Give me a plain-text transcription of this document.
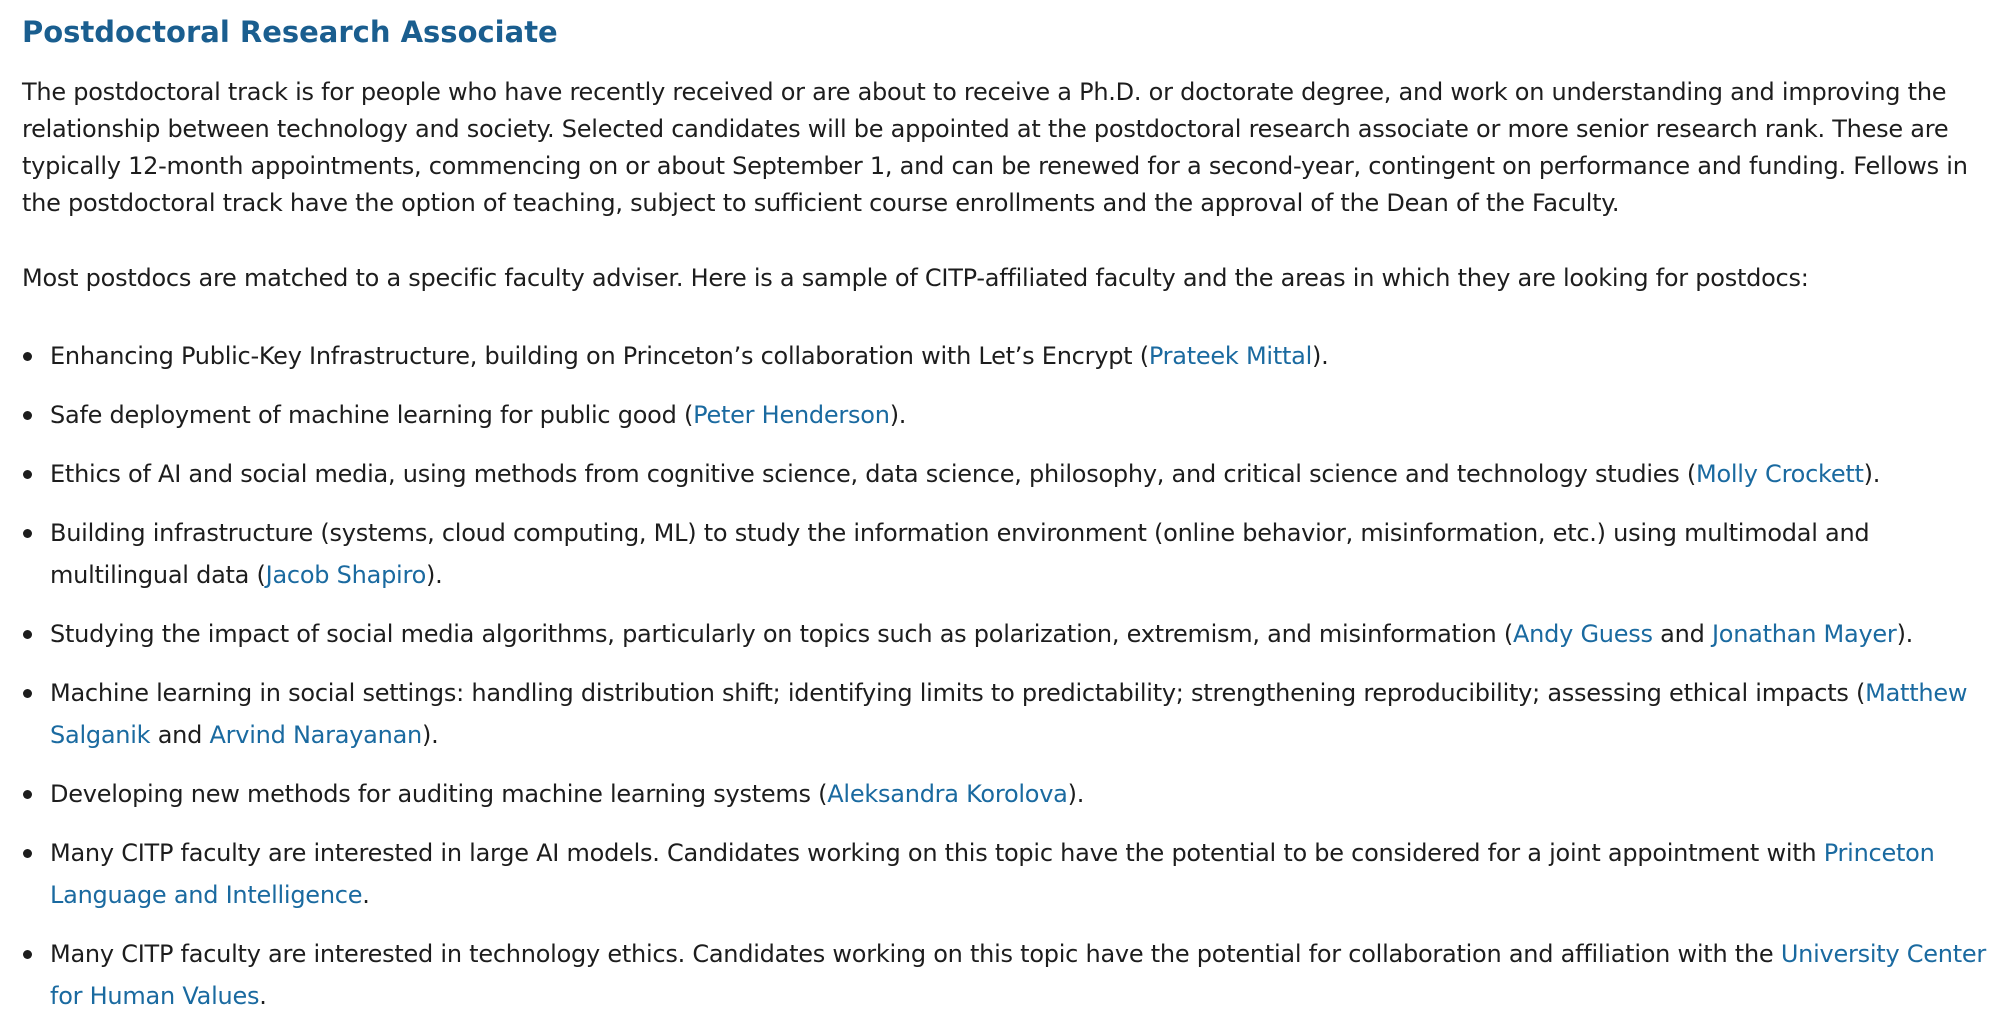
Postdoctoral Research Associate

The postdoctoral track is for people who have recently received or are about to receive a Ph.D. or doctorate degree, and work on understanding and improving the relationship between technology and society. Selected candidates will be appointed at the postdoctoral research associate or more senior research rank. These are typically 12-month appointments, commencing on or about September 1, and can be renewed for a second-year, contingent on performance and funding. Fellows in the postdoctoral track have the option of teaching, subject to sufficient course enrollments and the approval of the Dean of the Faculty.

Most postdocs are matched to a specific faculty adviser. Here is a sample of CITP-affiliated faculty and the areas in which they are looking for postdocs:

Enhancing Public-Key Infrastructure, building on Princeton’s collaboration with Let’s Encrypt (Prateek Mittal).
Safe deployment of machine learning for public good (Peter Henderson).
Ethics of AI and social media, using methods from cognitive science, data science, philosophy, and critical science and technology studies (Molly Crockett).
Building infrastructure (systems, cloud computing, ML) to study the information environment (online behavior, misinformation, etc.) using multimodal and multilingual data (Jacob Shapiro).
Studying the impact of social media algorithms, particularly on topics such as polarization, extremism, and misinformation (Andy Guess and Jonathan Mayer).
Machine learning in social settings: handling distribution shift; identifying limits to predictability; strengthening reproducibility; assessing ethical impacts (Matthew Salganik and Arvind Narayanan).
Developing new methods for auditing machine learning systems (Aleksandra Korolova).
Many CITP faculty are interested in large AI models. Candidates working on this topic have the potential to be considered for a joint appointment with Princeton Language and Intelligence.
Many CITP faculty are interested in technology ethics. Candidates working on this topic have the potential for collaboration and affiliation with the University Center for Human Values.
